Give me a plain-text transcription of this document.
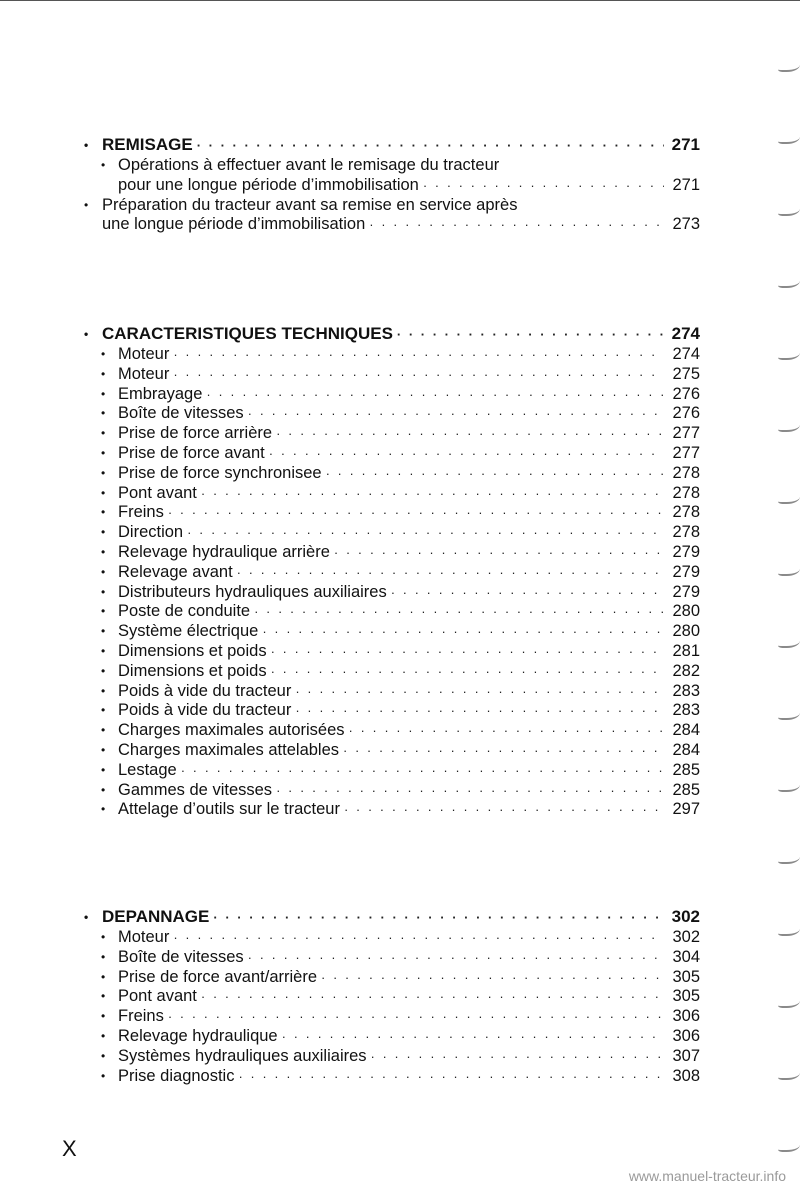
• REMISAGE · · ·	271
Opérations à effectuer avant le remisage du tracteur
•
pour une longue période d’immobilisation · · ·	271
Préparation du tracteur avant sa remise en service après
•
une longue période d’immobilisation · · ·	273
• CARACTERISTIQUES TECHNIQUES · · ·	274
• Moteur · · ·	274
• Moteur · · ·	275
• Embrayage · · ·	276
• Boîte de vitesses · · ·	276
• Prise de force arrière · · ·	277
• Prise de force avant · · ·	277
• Prise de force synchronisee · · ·	278
• Pont avant · · ·	278
• Freins · · ·	278
• Direction · · ·	278
• Relevage hydraulique arrière · · ·	279
• Relevage avant · · ·	279
• Distributeurs hydrauliques auxiliaires · · ·	279
• Poste de conduite · · ·	280
• Système électrique · · ·	280
• Dimensions et poids · · ·	281
• Dimensions et poids · · ·	282
• Poids à vide du tracteur · · ·	283
• Poids à vide du tracteur · · ·	283
• Charges maximales autorisées · · ·	284
• Charges maximales attelables · · ·	284
• Lestage · · ·	285
• Gammes de vitesses · · ·	285
• Attelage d’outils sur le tracteur · · ·	297
• DEPANNAGE · · ·	302
• Moteur · · ·	302
• Boîte de vitesses · · ·	304
• Prise de force avant/arrière · · ·	305
• Pont avant · · ·	305
• Freins · · ·	306
• Relevage hydraulique · · ·	306
• Systèmes hydrauliques auxiliaires · · ·	307
• Prise diagnostic · · ·	308
X
www.manuel-tracteur.info
